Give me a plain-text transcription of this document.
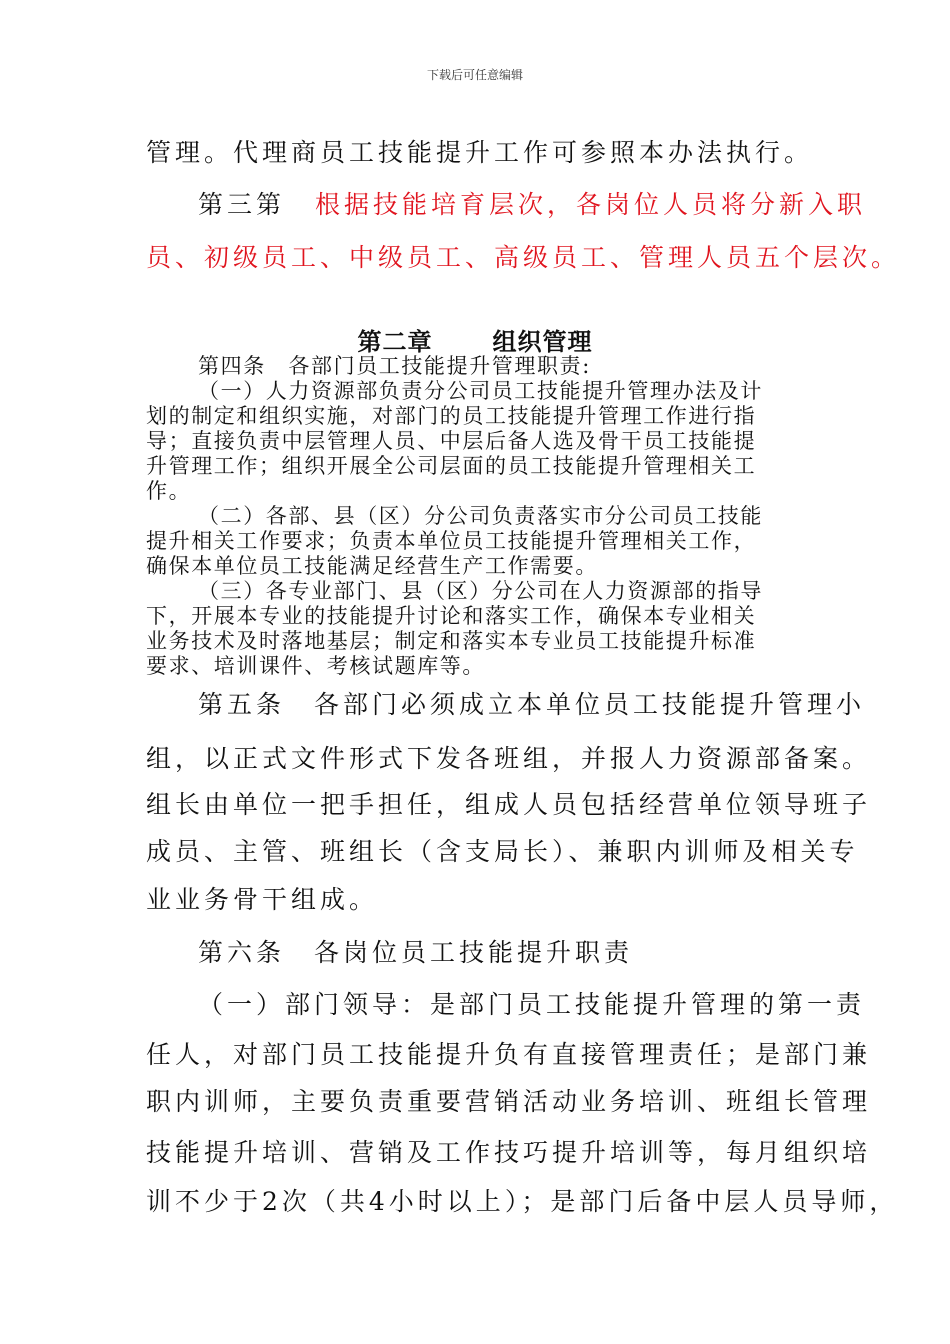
下载后可任意编辑
管理。代理商员工技能提升工作可参照本办法执行。
第三第 根据技能培育层次，各岗位人员将分新入职
员、初级员工、中级员工、高级员工、管理人员五个层次。
第二章	组织管理
第四条　各部门员工技能提升管理职责:
（一）人力资源部负责分公司员工技能提升管理办法及计
划的制定和组织实施，对部门的员工技能提升管理工作进行指
导；直接负责中层管理人员、中层后备人选及骨干员工技能提
升管理工作；组织开展全公司层面的员工技能提升管理相关工
作。
（二）各部、县（区）分公司负责落实市分公司员工技能
提升相关工作要求；负责本单位员工技能提升管理相关工作，
确保本单位员工技能满足经营生产工作需要。
（三）各专业部门、县（区）分公司在人力资源部的指导
下，开展本专业的技能提升讨论和落实工作，确保本专业相关
业务技术及时落地基层；制定和落实本专业员工技能提升标准
要求、培训课件、考核试题库等。
第五条　各部门必须成立本单位员工技能提升管理小
组，以正式文件形式下发各班组，并报人力资源部备案。
组长由单位一把手担任，组成人员包括经营单位领导班子
成员、主管、班组长（含支局长）、兼职内训师及相关专
业业务骨干组成。
第六条　各岗位员工技能提升职责
（一）部门领导：是部门员工技能提升管理的第一责
任人，对部门员工技能提升负有直接管理责任；是部门兼
职内训师，主要负责重要营销活动业务培训、班组长管理
技能提升培训、营销及工作技巧提升培训等，每月组织培
训不少于2次（共4小时以上）；是部门后备中层人员导师，
